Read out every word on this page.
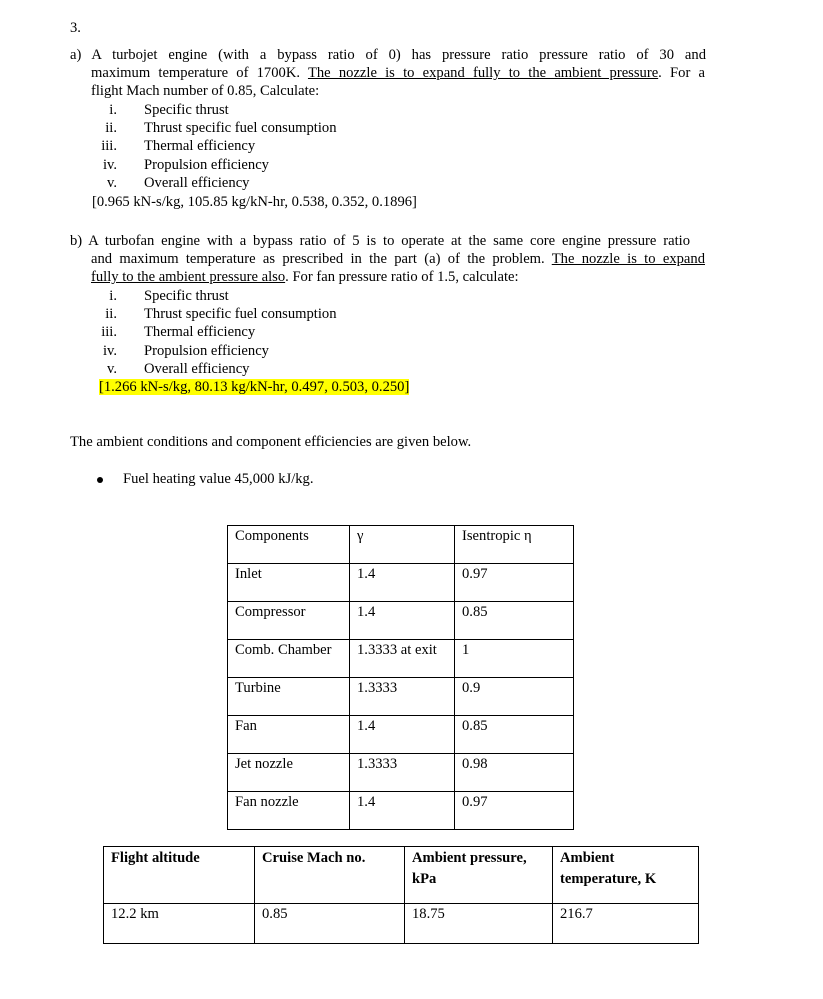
3.
a) A turbojet engine (with a bypass ratio of 0) has pressure ratio pressure ratio of 30 and
maximum temperature of 1700K. The nozzle is to expand fully to the ambient pressure. For a
flight Mach number of 0.85, Calculate:
i. Specific thrust
ii. Thrust specific fuel consumption
iii. Thermal efficiency
iv. Propulsion efficiency
v. Overall efficiency
[0.965 kN-s/kg, 105.85 kg/kN-hr, 0.538, 0.352, 0.1896]
b) A turbofan engine with a bypass ratio of 5 is to operate at the same core engine pressure ratio
and maximum temperature as prescribed in the part (a) of the problem. The nozzle is to expand
fully to the ambient pressure also. For fan pressure ratio of 1.5, calculate:
i. Specific thrust
ii. Thrust specific fuel consumption
iii. Thermal efficiency
iv. Propulsion efficiency
v. Overall efficiency
[1.266 kN-s/kg, 80.13 kg/kN-hr, 0.497, 0.503, 0.250]
The ambient conditions and component efficiencies are given below.
Fuel heating value 45,000 kJ/kg.
Components	γ	Isentropic η
Inlet	1.4	0.97
Compressor	1.4	0.85
Comb. Chamber	1.3333 at exit	1
Turbine	1.3333	0.9
Fan	1.4	0.85
Jet nozzle	1.3333	0.98
Fan nozzle	1.4	0.97
Flight altitude	Cruise Mach no.	Ambient pressure, kPa	Ambient temperature, K
12.2 km	0.85	18.75	216.7
